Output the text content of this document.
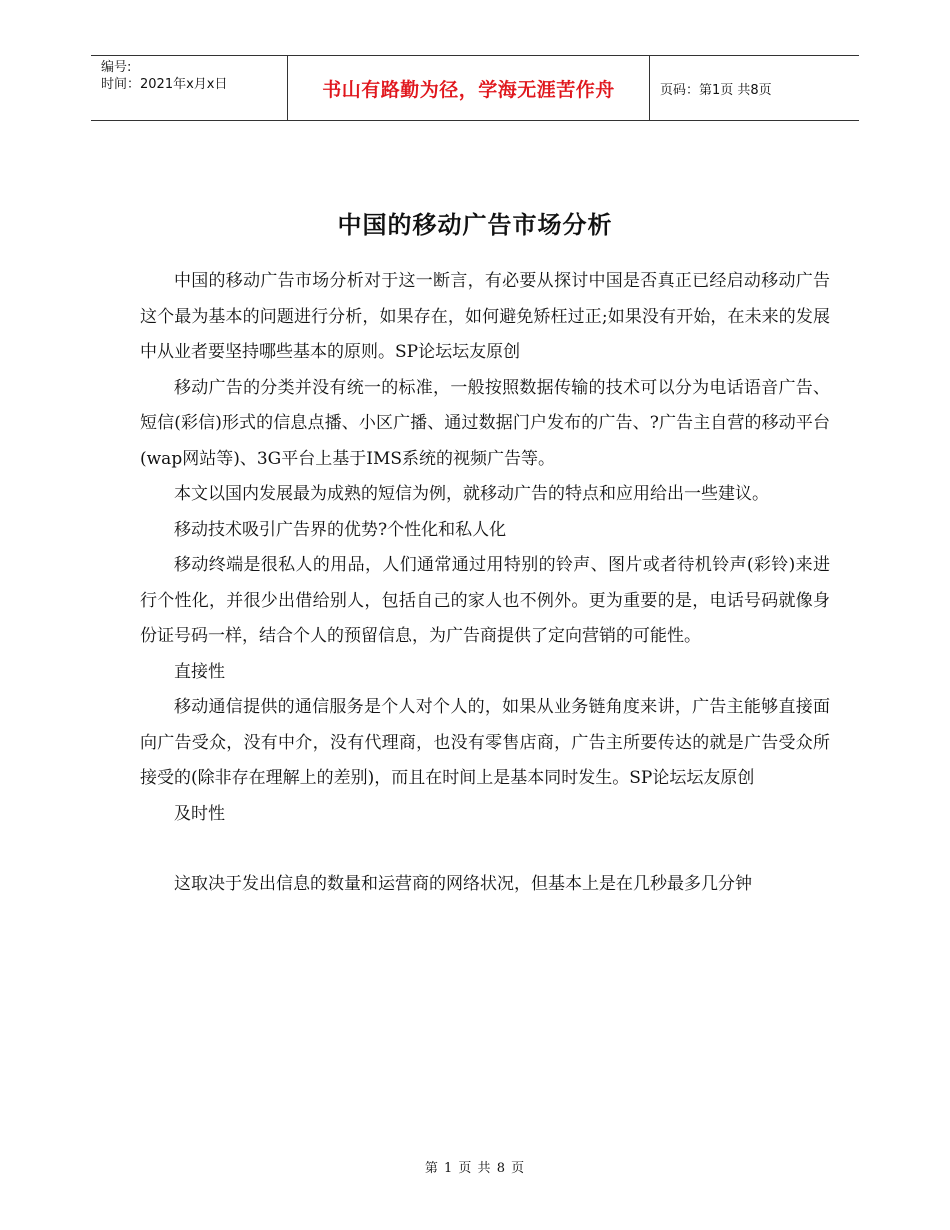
编号:
时间：2021年x月x日	书山有路勤为径，学海无涯苦作舟	页码：第1页 共8页
中国的移动广告市场分析

中国的移动广告市场分析对于这一断言，有必要从探讨中国是否真正已经启动移动广告这个最为基本的问题进行分析，如果存在，如何避免矫枉过正;如果没有开始，在未来的发展中从业者要坚持哪些基本的原则。SP论坛坛友原创

移动广告的分类并没有统一的标准，一般按照数据传输的技术可以分为电话语音广告、短信(彩信)形式的信息点播、小区广播、通过数据门户发布的广告、?广告主自营的移动平台(wap网站等)、3G平台上基于IMS系统的视频广告等。

本文以国内发展最为成熟的短信为例，就移动广告的特点和应用给出一些建议。

移动技术吸引广告界的优势?个性化和私人化

移动终端是很私人的用品，人们通常通过用特别的铃声、图片或者待机铃声(彩铃)来进行个性化，并很少出借给别人，包括自己的家人也不例外。更为重要的是，电话号码就像身份证号码一样，结合个人的预留信息，为广告商提供了定向营销的可能性。

直接性

移动通信提供的通信服务是个人对个人的，如果从业务链角度来讲，广告主能够直接面向广告受众，没有中介，没有代理商，也没有零售店商，广告主所要传达的就是广告受众所接受的(除非存在理解上的差别)，而且在时间上是基本同时发生。SP论坛坛友原创

及时性

这取决于发出信息的数量和运营商的网络状况，但基本上是在几秒最多几分钟

第 1 页 共 8 页
